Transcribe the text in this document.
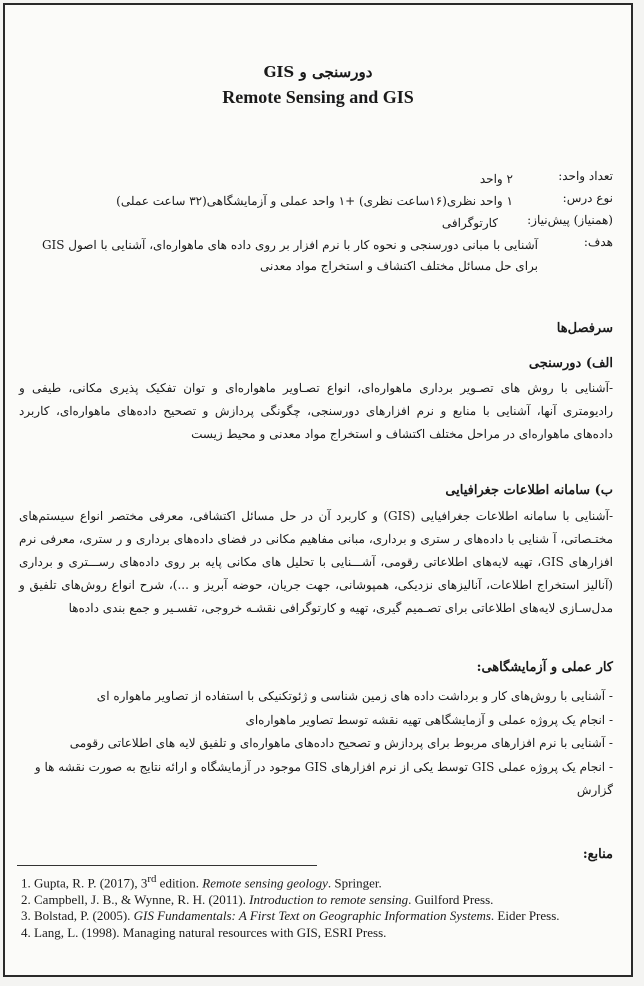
دورسنجی و GIS
Remote Sensing and GIS
تعداد واحد:
۲ واحد
نوع درس:
۱ واحد نظری(۱۶ساعت نظری) +۱ واحد عملی و آزمایشگاهی(۳۲ ساعت عملی)
(همنیاز) پیش‌نیاز:
کارتوگرافی
هدف:
آشنایی با مبانی دورسنجی و نحوه کار با نرم افزار بر روی داده های ماهواره‌ای، آشنایی با اصول GIS برای حل مسائل مختلف اکتشاف و استخراج مواد معدنی
سرفصل‌ها
الف) دورسنجی
-آشنایی با روش های تصـویر برداری ماهواره‌ای، انواع تصـاویر ماهواره‌ای و توان تفکیک پذیری مکانی، طیفی و رادیومتری آنها، آشنایی با منابع و نرم افزارهای دورسنجی، چگونگی پردازش و تصحیح داده‌های ماهواره‌ای، کاربرد داده‌های ماهواره‌ای در مراحل مختلف اکتشاف و استخراج مواد معدنی و محیط زیست
ب) سامانه اطلاعات جغرافیایی
-آشنایی با سامانه اطلاعات جغرافیایی (GIS) و کاربرد آن در حل مسائل اکتشافی، معرفی مختصر انواع سیستم‌های مختـصاتی، آ شنایی با داده‌های ر ستری و برداری، مبانی مفاهیم مکانی در فضای داده‌های برداری و ر ستری، معرفی نرم افزارهای GIS، تهیه لایه‌های اطلاعاتی رقومی، آشـــنایی با تحلیل های مکانی پایه بر روی داده‌های رســـتری و برداری (آنالیز استخراج اطلاعات، آنالیزهای نزدیکی، همپوشانی، جهت جریان، حوضه آبریز و ...)، شرح انواع روش‌های تلفیق و مدل‌سـازی لایه‌های اطلاعاتی برای تصـمیم گیری، تهیه و کارتوگرافی نقشـه خروجی، تفسـیر و جمع بندی داده‌ها
کار عملی و آزمایشگاهی:
- آشنایی با روش‌های کار و برداشت داده های زمین شناسی و ژئوتکنیکی با استفاده از تصاویر ماهواره ای
- انجام یک پروژه عملی و آزمایشگاهی تهیه نقشه توسط تصاویر ماهواره‌ای
- آشنایی با نرم افزارهای مربوط برای پردازش و تصحیح داده‌های ماهواره‌ای و تلفیق لایه های اطلاعاتی رقومی
- انجام یک پروژه عملی GIS توسط یکی از نرم افزارهای GIS موجود در آزمایشگاه و ارائه نتایج به صورت نقشه ها و گزارش
منابع:
1. Gupta, R. P. (2017), 3rd edition. Remote sensing geology. Springer.
2. Campbell, J. B., & Wynne, R. H. (2011). Introduction to remote sensing. Guilford Press.
3. Bolstad, P. (2005). GIS Fundamentals: A First Text on Geographic Information Systems. Eider Press.
4. Lang, L. (1998). Managing natural resources with GIS, ESRI Press.
